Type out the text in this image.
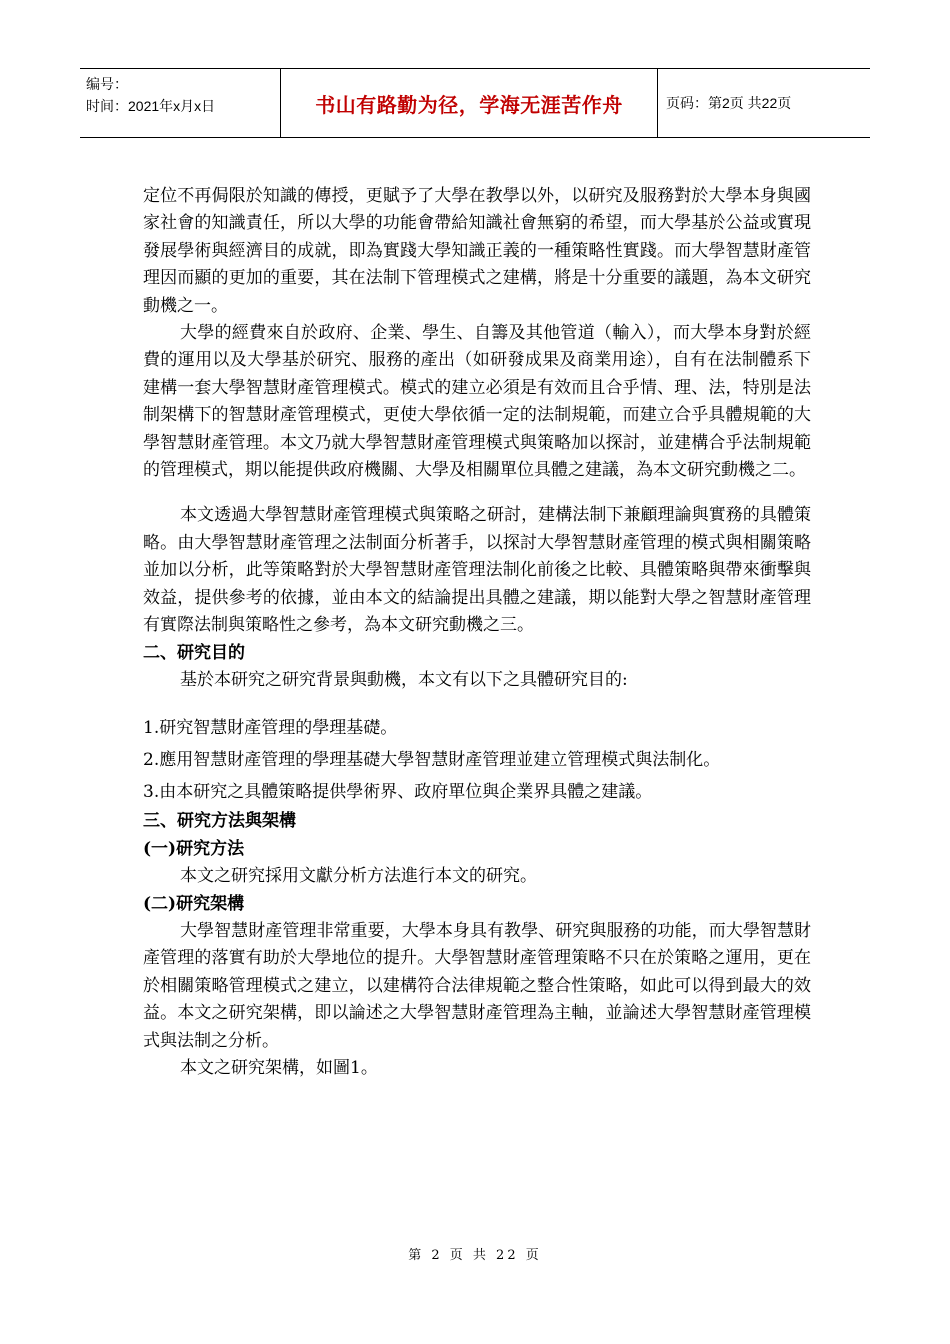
编号：
时间：2021年x月x日	书山有路勤为径，学海无涯苦作舟	页码：第2页 共22页

定位不再侷限於知識的傳授，更賦予了大學在教學以外，以研究及服務對於大學本身與國家社會的知識責任，所以大學的功能會帶給知識社會無窮的希望，而大學基於公益或實現發展學術與經濟目的成就，即為實踐大學知識正義的一種策略性實踐。而大學智慧財產管理因而顯的更加的重要，其在法制下管理模式之建構，將是十分重要的議題，為本文研究動機之一。

大學的經費來自於政府、企業、學生、自籌及其他管道（輸入），而大學本身對於經費的運用以及大學基於研究、服務的產出（如研發成果及商業用途），自有在法制體系下建構一套大學智慧財產管理模式。模式的建立必須是有效而且合乎情、理、法，特別是法制架構下的智慧財產管理模式，更使大學依循一定的法制規範，而建立合乎具體規範的大學智慧財產管理。本文乃就大學智慧財產管理模式與策略加以探討，並建構合乎法制規範的管理模式，期以能提供政府機關、大學及相關單位具體之建議，為本文研究動機之二。

本文透過大學智慧財產管理模式與策略之研討，建構法制下兼顧理論與實務的具體策略。由大學智慧財產管理之法制面分析著手，以探討大學智慧財產管理的模式與相關策略並加以分析，此等策略對於大學智慧財產管理法制化前後之比較、具體策略與帶來衝擊與效益，提供參考的依據，並由本文的結論提出具體之建議，期以能對大學之智慧財產管理有實際法制與策略性之參考，為本文研究動機之三。

二、研究目的

基於本研究之研究背景與動機，本文有以下之具體研究目的:

1.研究智慧財產管理的學理基礎。

2.應用智慧財產管理的學理基礎大學智慧財產管理並建立管理模式與法制化。

3.由本研究之具體策略提供學術界、政府單位與企業界具體之建議。

三、研究方法與架構

(一)研究方法

本文之研究採用文獻分析方法進行本文的研究。

(二)研究架構

大學智慧財產管理非常重要，大學本身具有教學、研究與服務的功能，而大學智慧財產管理的落實有助於大學地位的提升。大學智慧財產管理策略不只在於策略之運用，更在於相關策略管理模式之建立，以建構符合法律規範之整合性策略，如此可以得到最大的效益。本文之研究架構，即以論述之大學智慧財產管理為主軸，並論述大學智慧財產管理模式與法制之分析。

本文之研究架構，如圖1。

第 2 页 共 22 页
